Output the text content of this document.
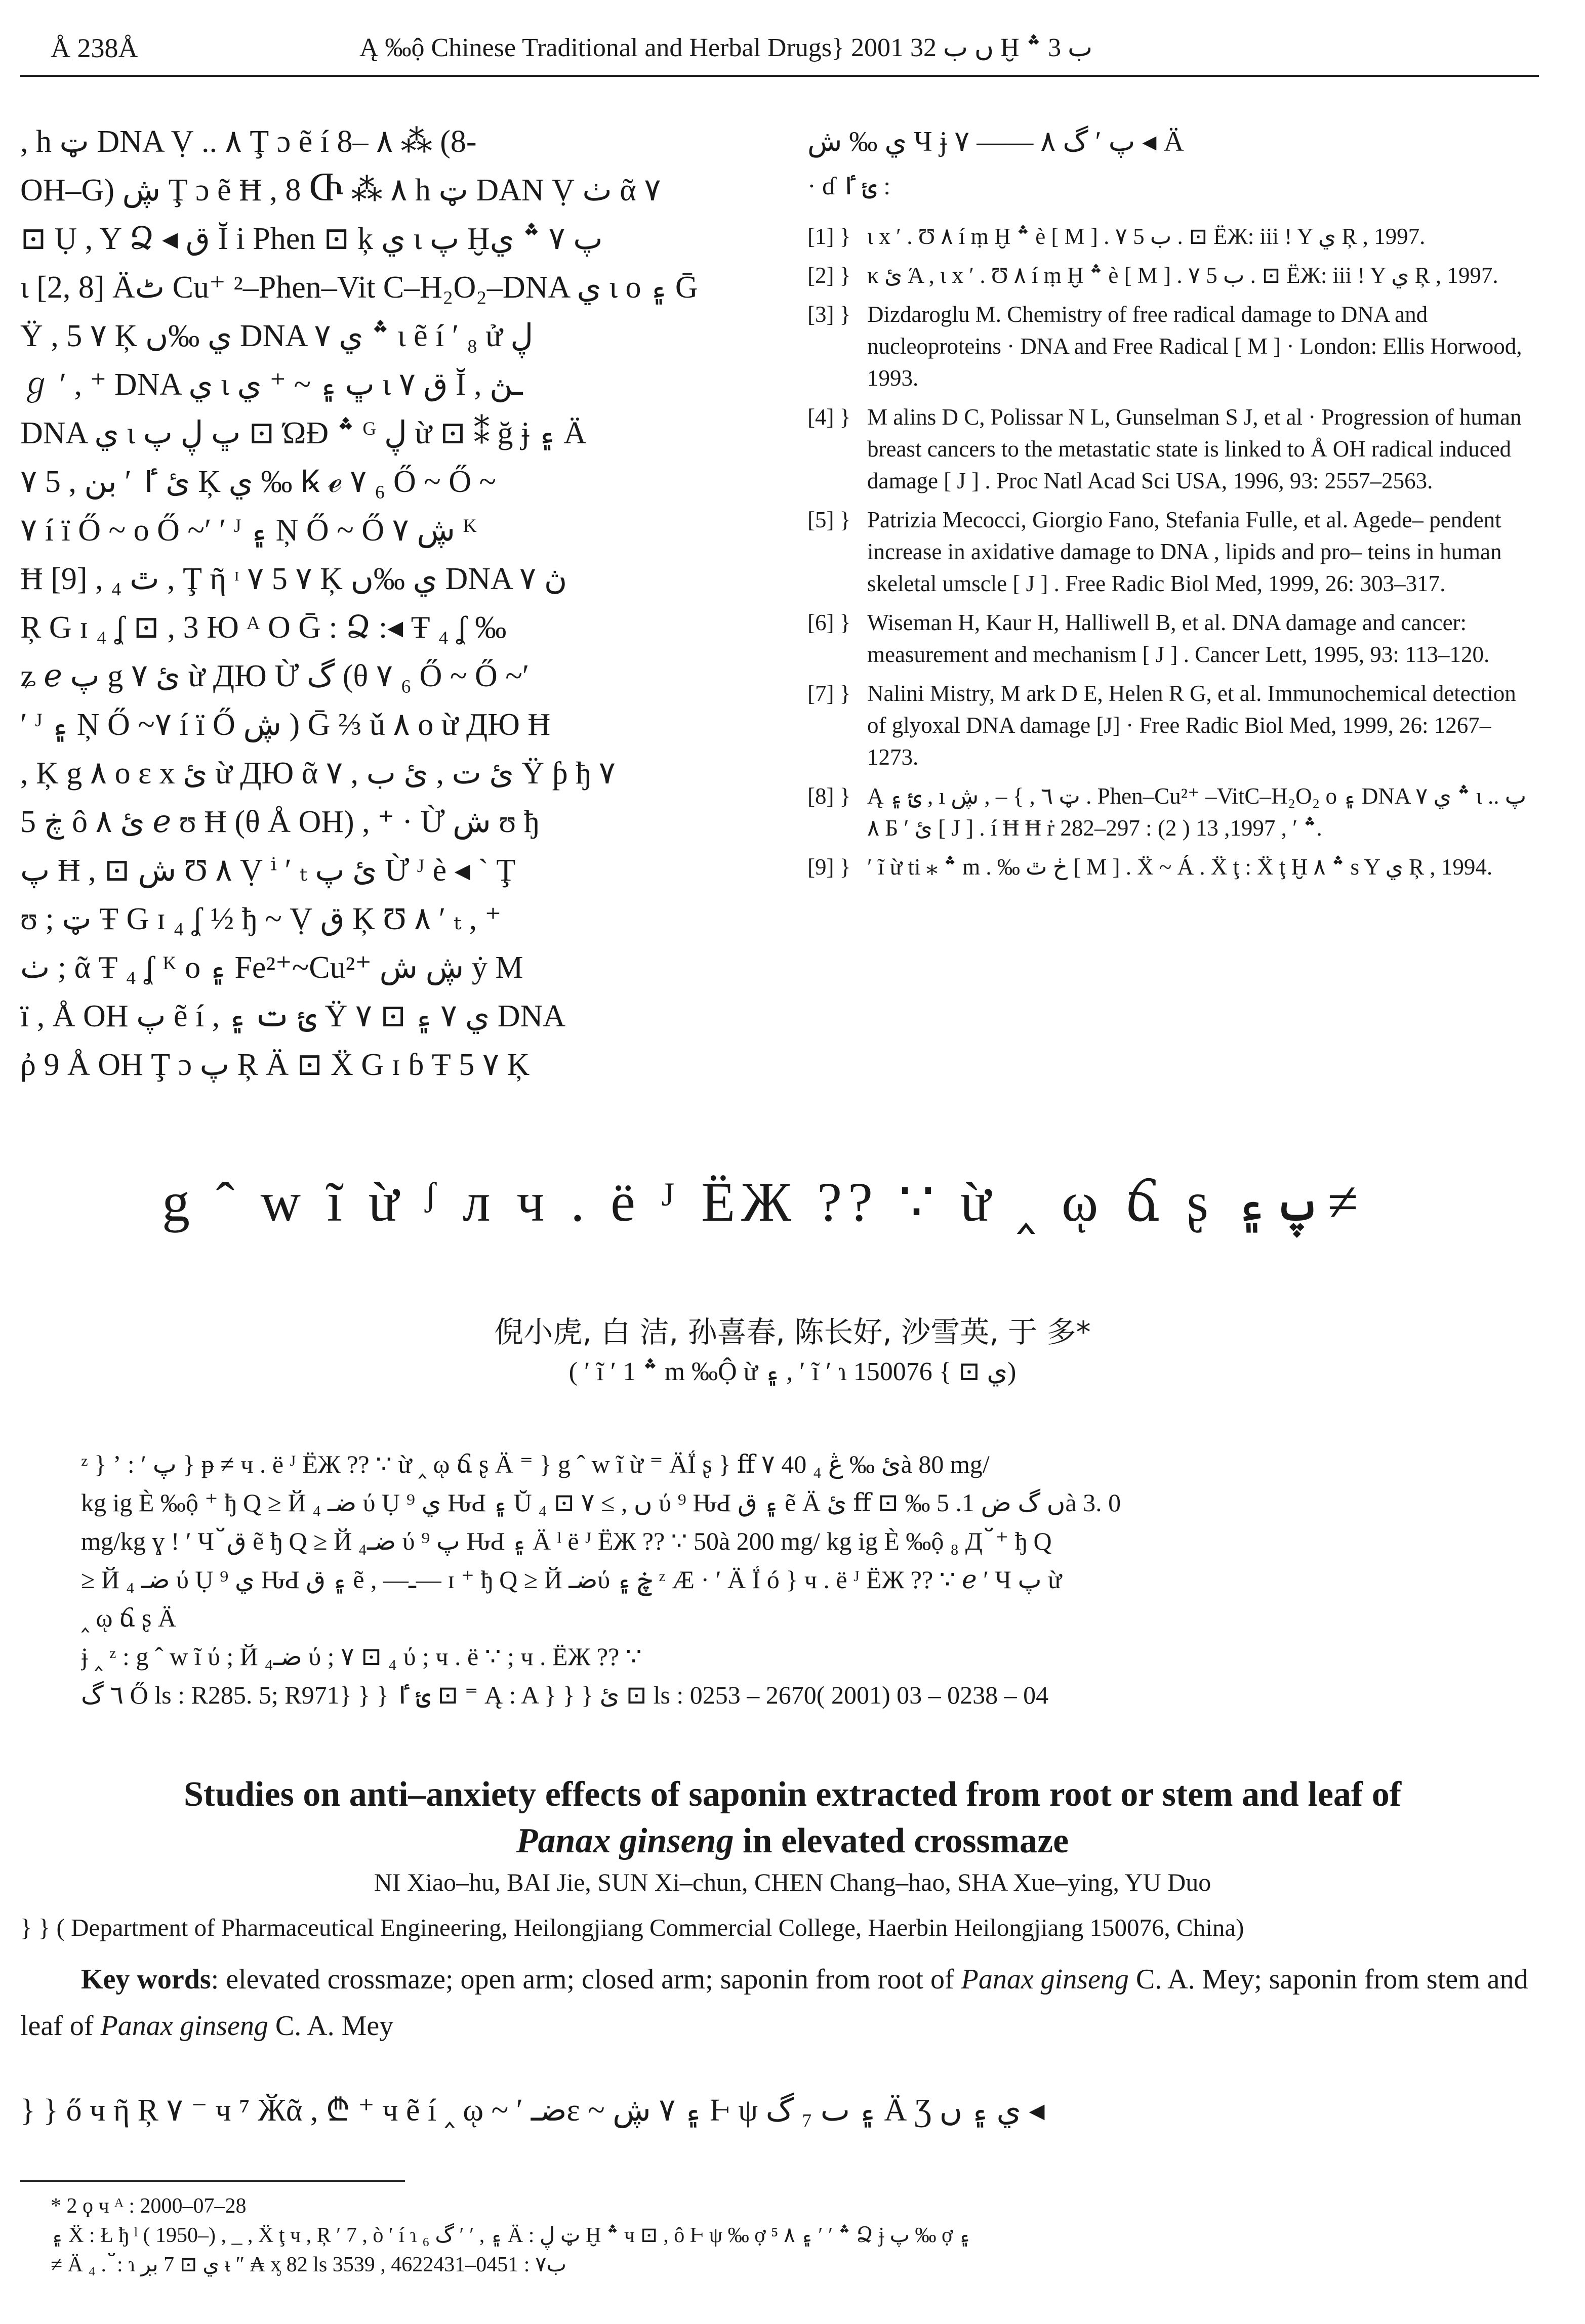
Å 238Å	Ą ‰ộ Chinese Traditional and Herbal Drugs} 2001 ں ب 32 Ḫ ب 3 ؞
, h ټ DNA Ṿ .. ۸ Ţ ɔ ẽ í 8– ۸ ⁂ (8-
OH–G) ڜ Ţ ɔ ẽ Ħ , 8 Ⴇ ⁂ ۸ h ټ DAN Ṿ ٺ ᾶ ۷
⊡ Ụ , Y Ձ ◂ ق Ĭ i Phen ⊡ ķ ي ι پ Ḫپ ۷ ؞ ي
ι [2, 8] Äٹ Cu⁺ ²–Phen–Vit C–H₂O₂–DNA ي ι ο ۽ Ḡ
Ÿ , 5 ۷ Ķ ي ‰ں DNA ۷ ؞ ي ι ẽ í ′ ₈ ử ڸ
ℊ ′ , ⁺ DNA ي ι ڀ ۽ ~ ⁺ ي ι ۷ ق Ĭ , ـڽ
DNA ي ι ڀ ڸ پ ⊡ ΏĐ ؞ ᴳ ڸ ừ ⊡ ⁑ ğ ɉ ۽ Ä
ئ ٵ ′ بن , 5 ۷ Ķ ي ‰ Ꝃ ℯ ۷ ₆ Ő ~ Ő ~
۷ í ï Ő ~ ο Ő ~′ ′ ᴶ ۽ Ņ Ő ~ Ő ڜ ۷ ᴷ
Ħ [9] , ₄ ٿ , Ţ ῆ ᶦ ۷ 5 ۷ Ķ ي ‰ں DNA ڽ ۷
Ŗ G ɪ ₄ ʆ ⊡ , 3 Ю ᴬ Ο Ḡ : Ձ :◂ Ŧ ₄ ʆ ‰
ʑ ℯ پ g ۷ ئ ừ ДЮ Ừ گ (θ ۷ ₆ Ő ~ Ő ~′
′ ᴶ ۽ Ņ Ő ~۷ í ï Ő ڜ ) Ḡ ⅔ ǔ ۸ ο ừ ДЮ Ħ
, Ķ g ۸ ο ε x ئ ừ ДЮ ᾶ ۷ , ئ ت , ئ ب Ÿ ƥ ђ ۷
ڿ 5 ô ۸ ئ ℯ ʊ Ħ (θ Å OH) , ⁺ · Ừ ش ʊ ђ
پ Ħ , ⊡ ش Ʊ ۸ Ṿ ⁱ ′ ₜ ئ پ Ừ ᴶ è ◂ ` Ţ
ʊ ; ټ Ŧ G ɪ ₄ ʆ ½ ђ ~ Ṿ ق Ķ Ʊ ۸ ′ ₜ , ⁺
ٺ ; ᾶ Ŧ ₄ ʆ ᴷ ο ۽ Fe²⁺~Cu²⁺ ڜ ش ẏ M
ï , Å OH پ ẽ í , ئ ت ۽ Ÿ ي ۷ ۽ ⊡ ۷ DNA
ῤ 9 Å OH Ţ ɔ پ Ŗ Ä ⊡ Ẍ G ɪ ɓ Ŧ 5 ۷ Ķ
ي ‰ ش Ч ɉ ۷ —— پ ′ گ ۸ ◂ Ä
· ɗ ئ ٵ :
[1] } ι x ′ . Ʊ ۸ í ṃ Ḫ ؞ è [ M ] . ب 5 ۷ . ⊡ ЁЖ: iii ! Y ي Ŗ , 1997.
[2] } κ ئ Ά , ι x ′ . Ʊ ۸ í ṃ Ḫ ؞ è [ M ] . ب 5 ۷ . ⊡ ЁЖ: iii ! Y ي Ŗ , 1997.
[3] } Dizdaroglu M. Chemistry of free radical damage to DNA and nucleoproteins · DNA and Free Radical [ M ] · London: Ellis Horwood, 1993.
[4] } M alins D C, Polissar N L, Gunselman S J, et al · Progression of human breast cancers to the metastatic state is linked to Å OH radical induced damage [ J ] . Proc Natl Acad Sci USA, 1996, 93: 2557–2563.
[5] } Patrizia Mecocci, Giorgio Fano, Stefania Fulle, et al. Agede– pendent increase in axidative damage to DNA , lipids and pro– teins in human skeletal umscle [ J ] . Free Radic Biol Med, 1999, 26: 303–317.
[6] } Wiseman H, Kaur H, Halliwell B, et al. DNA damage and cancer: measurement and mechanism [ J ] . Cancer Lett, 1995, 93: 113–120.
[7] } Nalini Mistry, M ark D E, Helen R G, et al. Immunochemical detection of glyoxal DNA damage [J] · Free Radic Biol Med, 1999, 26: 1267–1273.
[8] } Ą ئ ۽ , ı ټ ٦ , } – , ڜ . Phen–Cu²⁺ –VitC–H₂O₂ ο ۽ DNA ۷ ؞ ي ι پ .. ۸ Б ′ ئ [ J ] . í Ħ Ħ ṙ ؞ ′ , 1997, 13 ( 2) : 297–282.
[9] } ′ ĩ ừ ti ⁎ ؞ m . ‰ ڂ ٿ [ M ] . Ẍ ~ Á . Ẍ ţ : Ẍ ţ Ḫ ؞ ۸ s Y ي Ŗ , 1994.
g ˆ w ĩ ừ ᶴ л ч . ë ᴶ ЁЖ ?? ∵ ừ ‸ ῳ ճ ʂ پ ۽ ≠
倪小虎, 白 洁, 孙喜春, 陈长好, 沙雪英, 于 多*
( ′ ĩ ′ 1 ؞ m ‰Ộ ừ ۽ , ′ ĩ ′ ɿ ي ⊡ } 150076)
ᶻ } ʼ : ′ پ } ᵽ ≠ ч . ë ᴶ ЁЖ ?? ∵ ừ ‸ ῳ ճ ʂ Ä ⁼ } g ˆ w ĩ ừ ⁼ ÄḮ ʂ } ﬀ ۷ ئ ‰ ڠ ₄ 40à 80 mg/
kg ig È ‰ộ ⁺ ђ Q ≥ Й ضـ ₄ ύ Ụ ي ⁹ ԊԀ ۽ Ŭ ں , ≥ ۷ ⊡ ₄ ύ ⁹ ԊԀ ۽ ق ẽ Ä ئ ﬀ ⊡ ‰ ں گ ض 1. 5à 3. 0
mg/kg ɣ ! ′ Ч ﬞ ق ẽ ђ Q ≥ Й ضـ₄ ύ پ ⁹ ԊԀ ۽ Ä ˡ ë ᴶ ЁЖ ?? ∵ 50à 200 mg/ kg ig È ‰ộ ₈ Д ﬞ ⁺ ђ Q
≥ Й ضـ ₄ ύ Ụ ي ⁹ ԊԀ ۽ ق ẽ , —ـ— ɪ ⁺ ђ Q ≥ Й ضـύ ڿ ۽ ᶻ Æ · ′ Ä Ḯ ó } ч . ë ᴶ ЁЖ ?? ∵ ℯ ′ Ч پ ừ
‸ ῳ ճ ʂ Ä
ɉ ‸ ᶻ : g ˆ w ĩ ύ ; Й ضـ₄ ύ ; ۷ ⊡ ₄ ύ ; ч . ë ∵ ; ч . ЁЖ ?? ∵
٦ گ Ő ls : R285. 5; R971} } } ئ ٵ ⊡ ⁼ Ą : A } } } ئ ⊡ ls : 0253 – 2670( 2001) 03 – 0238 – 04
Studies on anti–anxiety effects of saponin extracted from root or stem and leaf of
Panax ginseng in elevated crossmaze
NI Xiao–hu, BAI Jie, SUN Xi–chun, CHEN Chang–hao, SHA Xue–ying, YU Duo
} } ( Department of Pharmaceutical Engineering, Heilongjiang Commercial College, Haerbin Heilongjiang 150076, China)
Key words: elevated crossmaze; open arm; closed arm; saponin from root of Panax ginseng C. A. Mey; saponin from stem and leaf of Panax ginseng C. A. Mey
} } ő ч ῆ Ŗ ۷ ⁻ ч ⁷ Ӂᾶ , ₾ ⁺ ч ẽ í ‸ ῳ ~ ′ ضـε ~ ۽ ۷ ڜ Ⱶ ψ ۽ ٮ ₇ گ Ä Ʒ ي ۽ ں ◂
* 2 ϙ ч ᴬ : 2000–07–28
۽ Ẍ : Ł ђ ˡ ( 1950–) , _ , Ẍ ţ ч , Ŗ ′ 7 , ò ′ í ɿ ₆ ۽ , ′ ′ گ Ä : ټ ڸ Ḫ ؞ ч ⊡ , ô Ⱶ ψ ‰ ợ ؞ ′ ′ ۽ ۸ ⁵ Ձ ɉ پ ‰ ợ ۽
≠ Ä ₄ . ﬞ : ɿ ي ⊡ 7 بڔ ᵼ ″ ₳ ᶍ 82 ls 3539 , ب۷ : 0451–4622431
